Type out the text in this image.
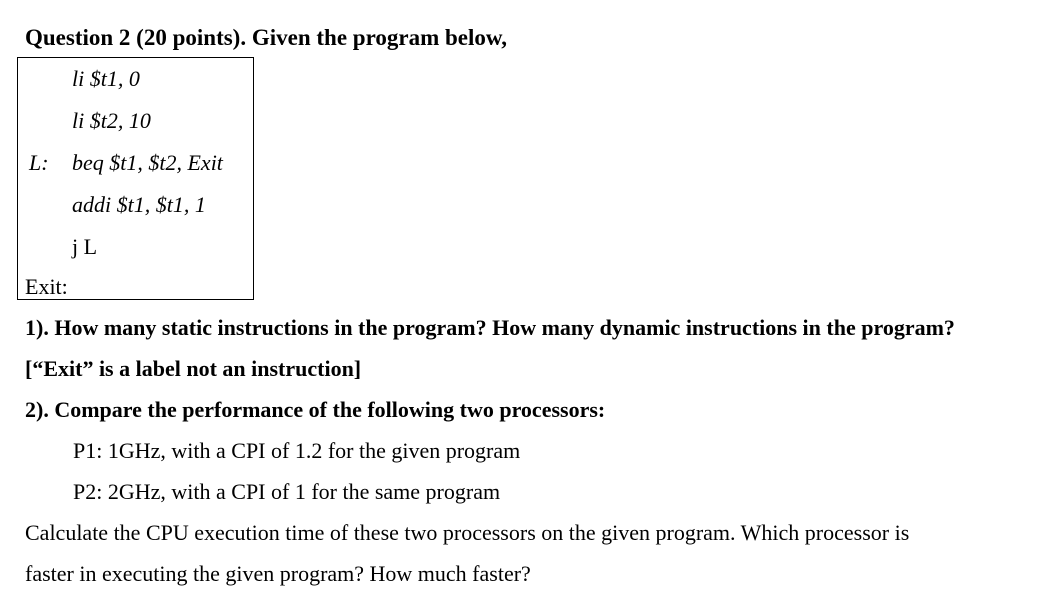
Question 2 (20 points). Given the program below,
li $t1, 0
li $t2, 10
L: beq $t1, $t2, Exit
addi $t1, $t1, 1
j L
Exit:
1). How many static instructions in the program? How many dynamic instructions in the program?
[“Exit” is a label not an instruction]
2). Compare the performance of the following two processors:
P1: 1GHz, with a CPI of 1.2 for the given program
P2: 2GHz, with a CPI of 1 for the same program
Calculate the CPU execution time of these two processors on the given program. Which processor is
faster in executing the given program? How much faster?
